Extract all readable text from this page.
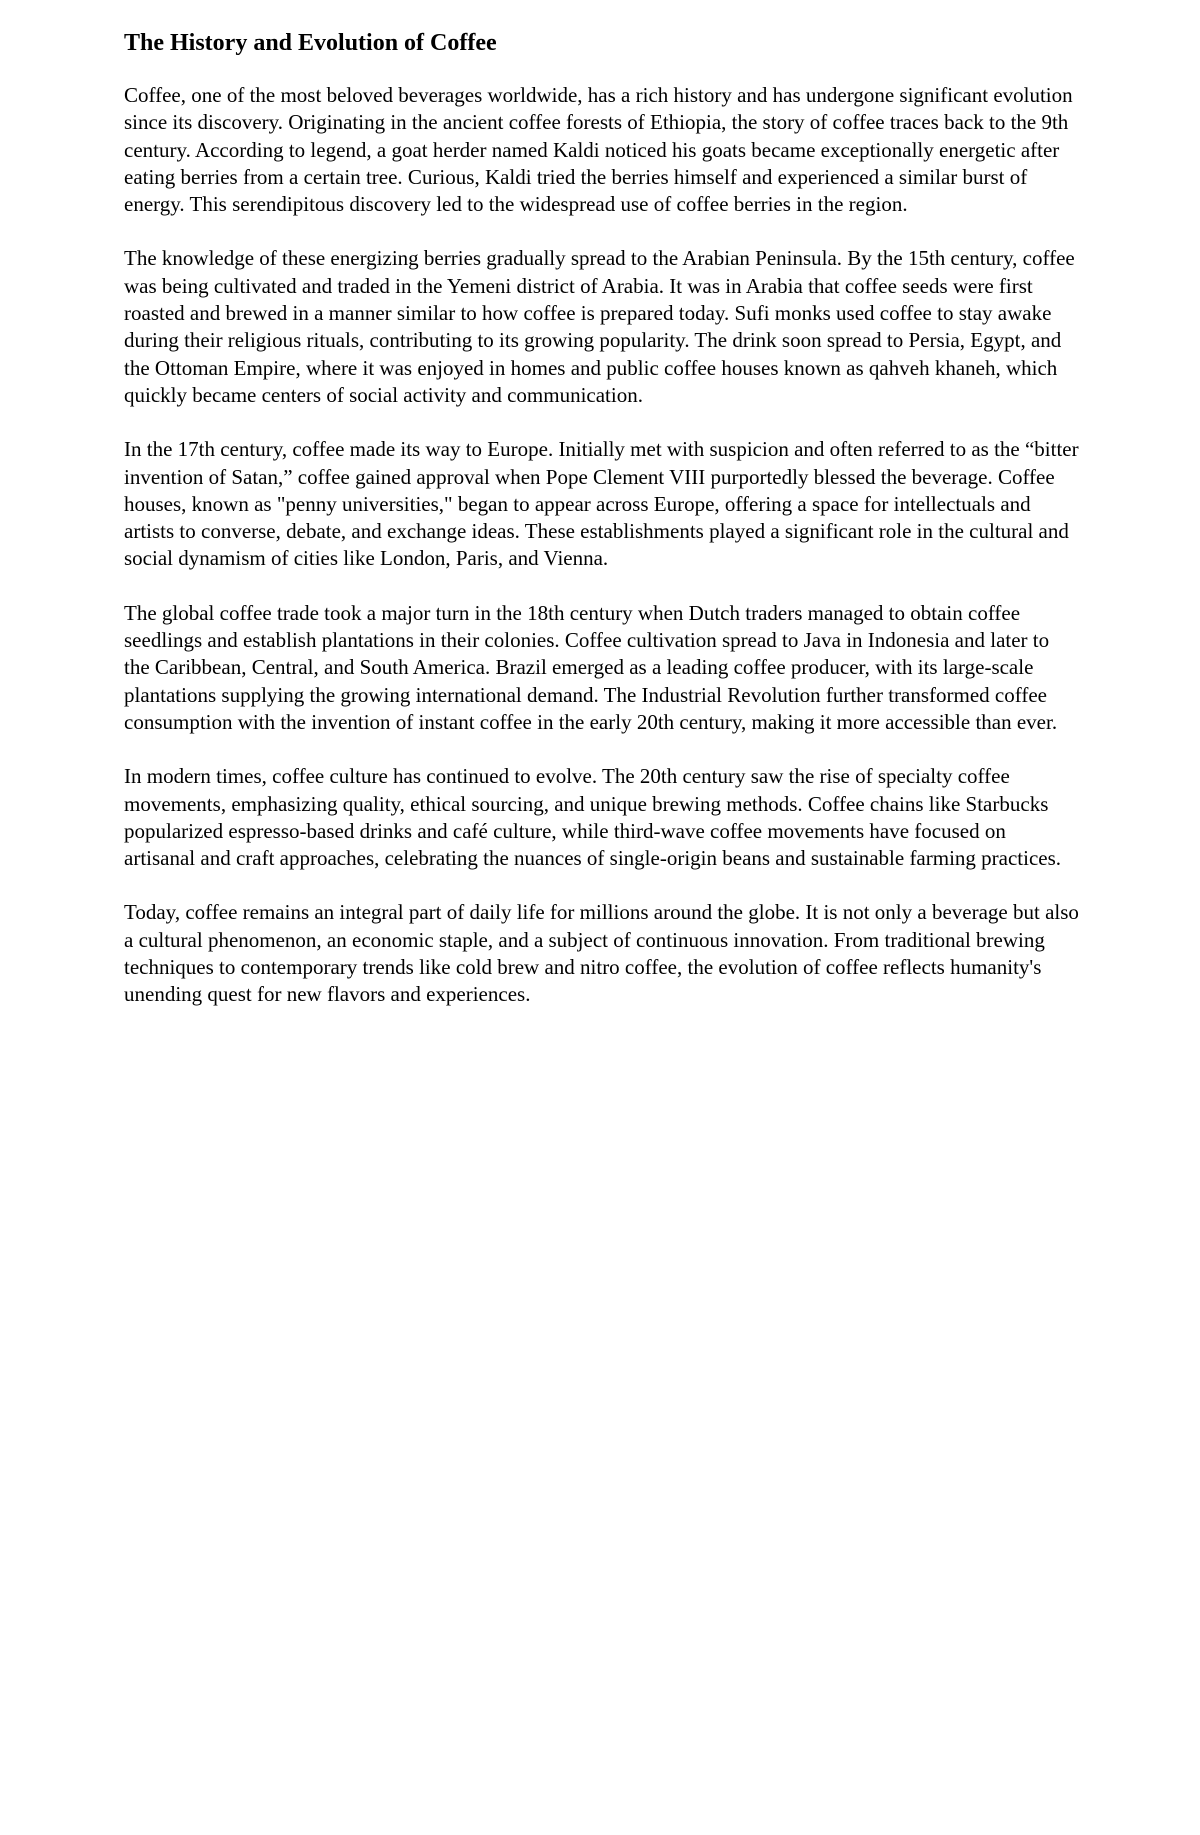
The History and Evolution of Coffee

Coffee, one of the most beloved beverages worldwide, has a rich history and has undergone significant evolution since its discovery. Originating in the ancient coffee forests of Ethiopia, the story of coffee traces back to the 9th century. According to legend, a goat herder named Kaldi noticed his goats became exceptionally energetic after eating berries from a certain tree. Curious, Kaldi tried the berries himself and experienced a similar burst of energy. This serendipitous discovery led to the widespread use of coffee berries in the region.

The knowledge of these energizing berries gradually spread to the Arabian Peninsula. By the 15th century, coffee was being cultivated and traded in the Yemeni district of Arabia. It was in Arabia that coffee seeds were first roasted and brewed in a manner similar to how coffee is prepared today. Sufi monks used coffee to stay awake during their religious rituals, contributing to its growing popularity. The drink soon spread to Persia, Egypt, and the Ottoman Empire, where it was enjoyed in homes and public coffee houses known as qahveh khaneh, which quickly became centers of social activity and communication.

In the 17th century, coffee made its way to Europe. Initially met with suspicion and often referred to as the “bitter invention of Satan,” coffee gained approval when Pope Clement VIII purportedly blessed the beverage. Coffee houses, known as "penny universities," began to appear across Europe, offering a space for intellectuals and artists to converse, debate, and exchange ideas. These establishments played a significant role in the cultural and social dynamism of cities like London, Paris, and Vienna.

The global coffee trade took a major turn in the 18th century when Dutch traders managed to obtain coffee seedlings and establish plantations in their colonies. Coffee cultivation spread to Java in Indonesia and later to the Caribbean, Central, and South America. Brazil emerged as a leading coffee producer, with its large-scale plantations supplying the growing international demand. The Industrial Revolution further transformed coffee consumption with the invention of instant coffee in the early 20th century, making it more accessible than ever.

In modern times, coffee culture has continued to evolve. The 20th century saw the rise of specialty coffee movements, emphasizing quality, ethical sourcing, and unique brewing methods. Coffee chains like Starbucks popularized espresso-based drinks and café culture, while third-wave coffee movements have focused on artisanal and craft approaches, celebrating the nuances of single-origin beans and sustainable farming practices.

Today, coffee remains an integral part of daily life for millions around the globe. It is not only a beverage but also a cultural phenomenon, an economic staple, and a subject of continuous innovation. From traditional brewing techniques to contemporary trends like cold brew and nitro coffee, the evolution of coffee reflects humanity's unending quest for new flavors and experiences.
